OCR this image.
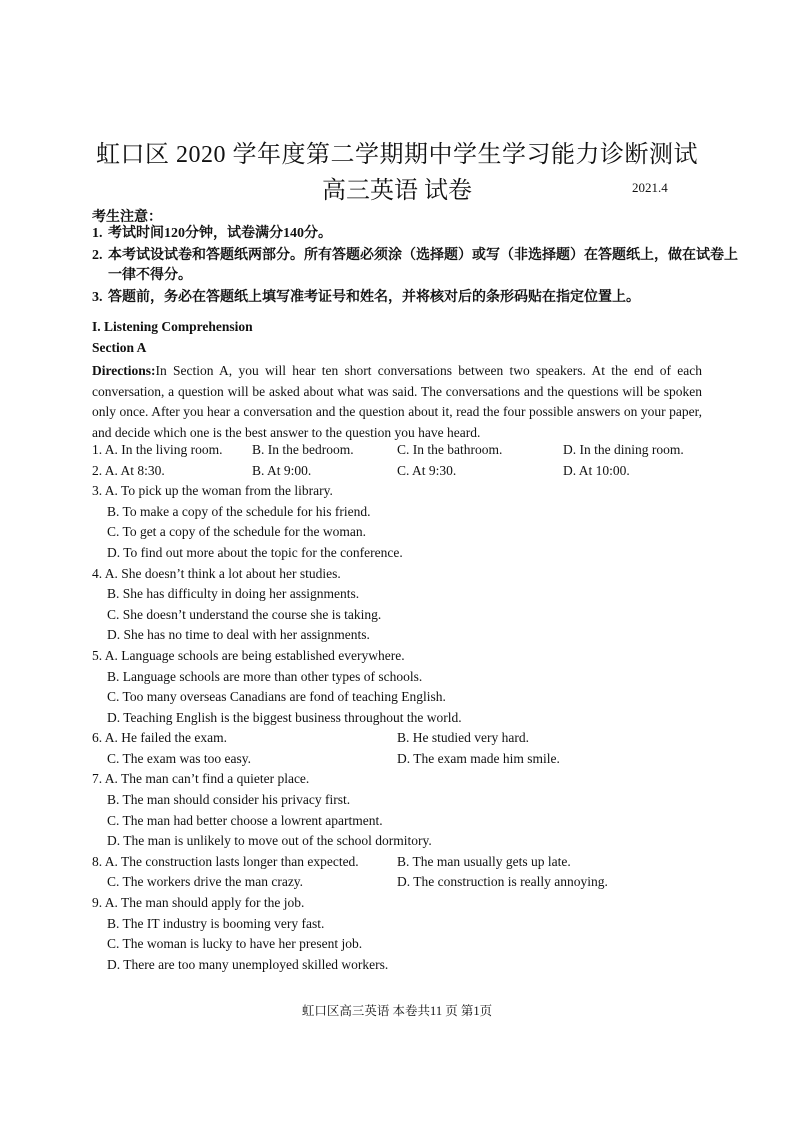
虹口区 2020 学年度第二学期期中学生学习能力诊断测试
高三英语 试卷	2021.4
考生注意：
1. 考试时间120分钟，试卷满分140分。
2. 本考试设试卷和答题纸两部分。所有答题必须涂（选择题）或写（非选择题）在答题纸上，做在试卷上一律不得分。
3. 答题前，务必在答题纸上填写准考证号和姓名，并将核对后的条形码贴在指定位置上。
I. Listening Comprehension
Section A
Directions:In Section A, you will hear ten short conversations between two speakers. At the end of each conversation, a question will be asked about what was said. The conversations and the questions will be spoken only once. After you hear a conversation and the question about it, read the four possible answers on your paper, and decide which one is the best answer to the question you have heard.
1. A. In the living room. B. In the bedroom.	C. In the bathroom.	D. In the dining room.
2. A. At 8:30.	B. At 9:00.	C. At 9:30.	D. At 10:00.
3. A. To pick up the woman from the library.
B. To make a copy of the schedule for his friend.
C. To get a copy of the schedule for the woman.
D. To find out more about the topic for the conference.
4. A. She doesn’t think a lot about her studies.
B. She has difficulty in doing her assignments.
C. She doesn’t understand the course she is taking.
D. She has no time to deal with her assignments.
5. A. Language schools are being established everywhere.
B. Language schools are more than other types of schools.
C. Too many overseas Canadians are fond of teaching English.
D. Teaching English is the biggest business throughout the world.
6. A. He failed the exam.	B. He studied very hard.
C. The exam was too easy.	D. The exam made him smile.
7. A. The man can’t find a quieter place.
B. The man should consider his privacy first.
C. The man had better choose a lowrent apartment.
D. The man is unlikely to move out of the school dormitory.
8. A. The construction lasts longer than expected.	B. The man usually gets up late.
C. The workers drive the man crazy.	D. The construction is really annoying.
9. A. The man should apply for the job.
B. The IT industry is booming very fast.
C. The woman is lucky to have her present job.
D. There are too many unemployed skilled workers.
虹口区高三英语 本卷共11 页 第1页
